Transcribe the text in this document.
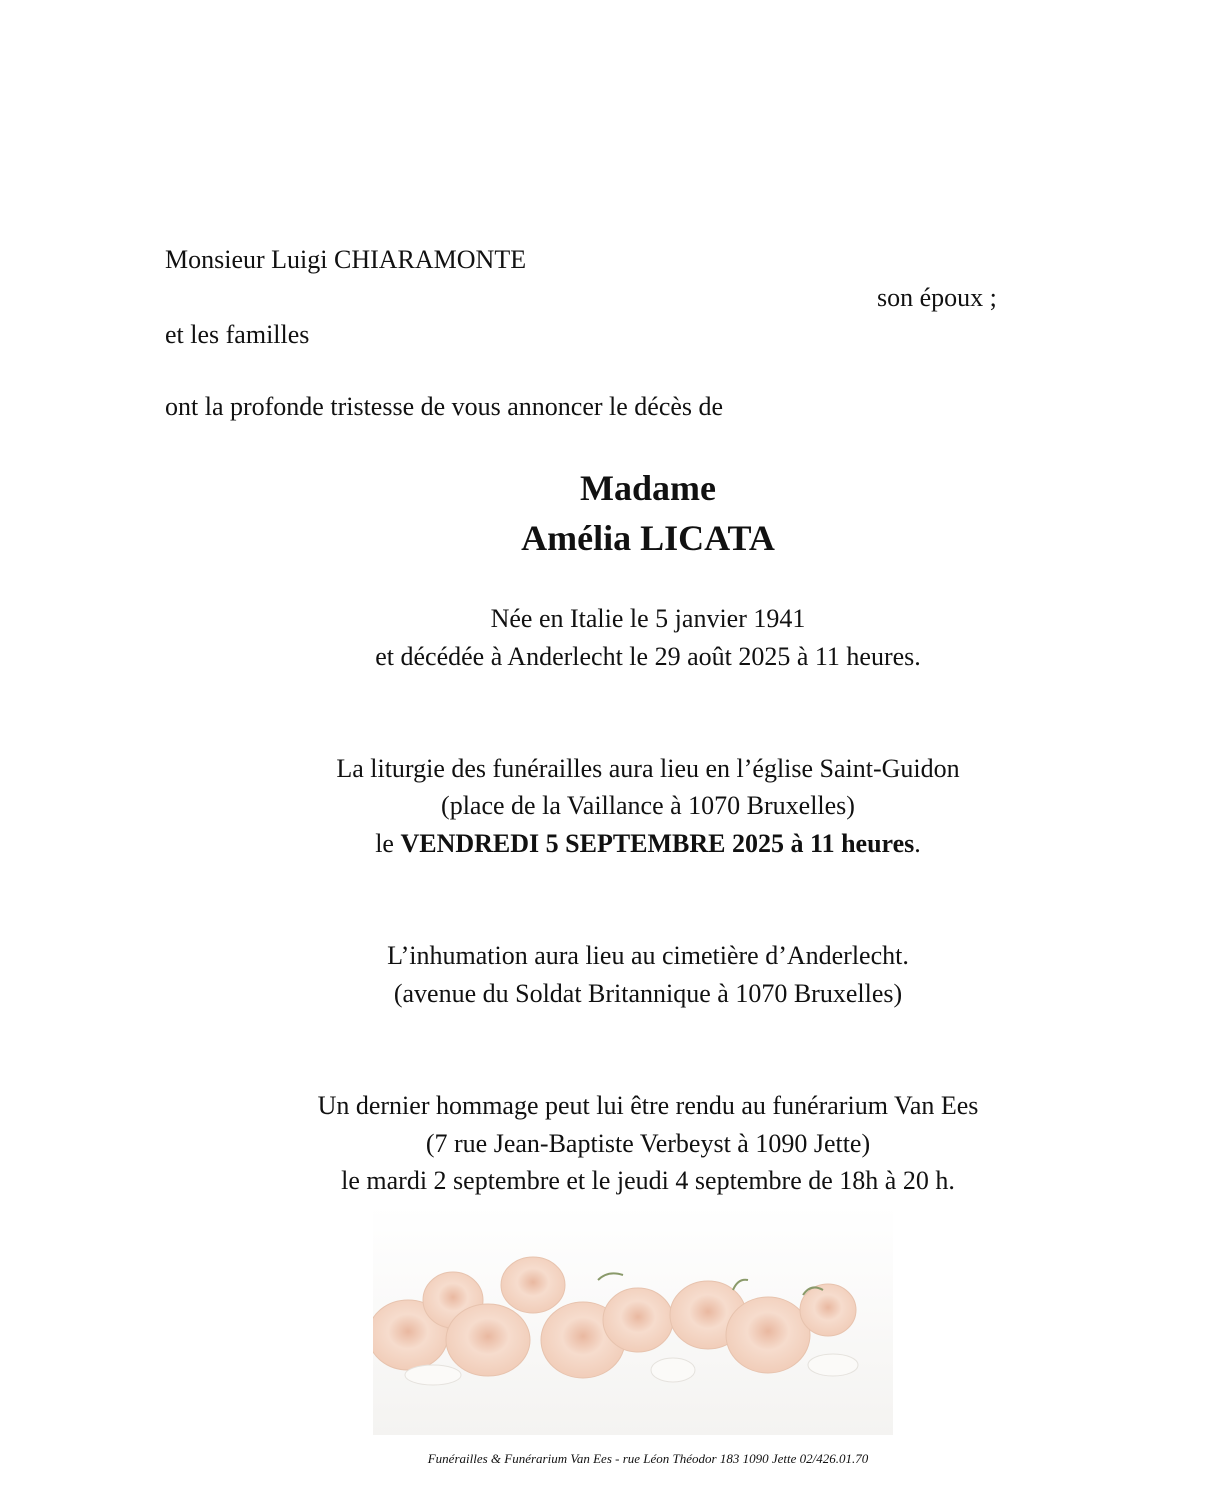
Monsieur Luigi CHIARAMONTE
son époux ;
et les familles
ont la profonde tristesse de vous annoncer le décès de
Madame
Amélia LICATA
Née en Italie le 5 janvier 1941
et décédée à Anderlecht le 29 août 2025 à 11 heures.
La liturgie des funérailles aura lieu en l’église Saint-Guidon
(place de la Vaillance à 1070 Bruxelles)
le VENDREDI 5 SEPTEMBRE 2025 à 11 heures.
L’inhumation aura lieu au cimetière d’Anderlecht.
(avenue du Soldat Britannique à 1070 Bruxelles)
Un dernier hommage peut lui être rendu au funérarium Van Ees
(7 rue Jean-Baptiste Verbeyst à 1090 Jette)
le mardi 2 septembre et le jeudi 4 septembre de 18h à 20 h.
Funérailles & Funérarium Van Ees - rue Léon Théodor 183 1090 Jette 02/426.01.70
